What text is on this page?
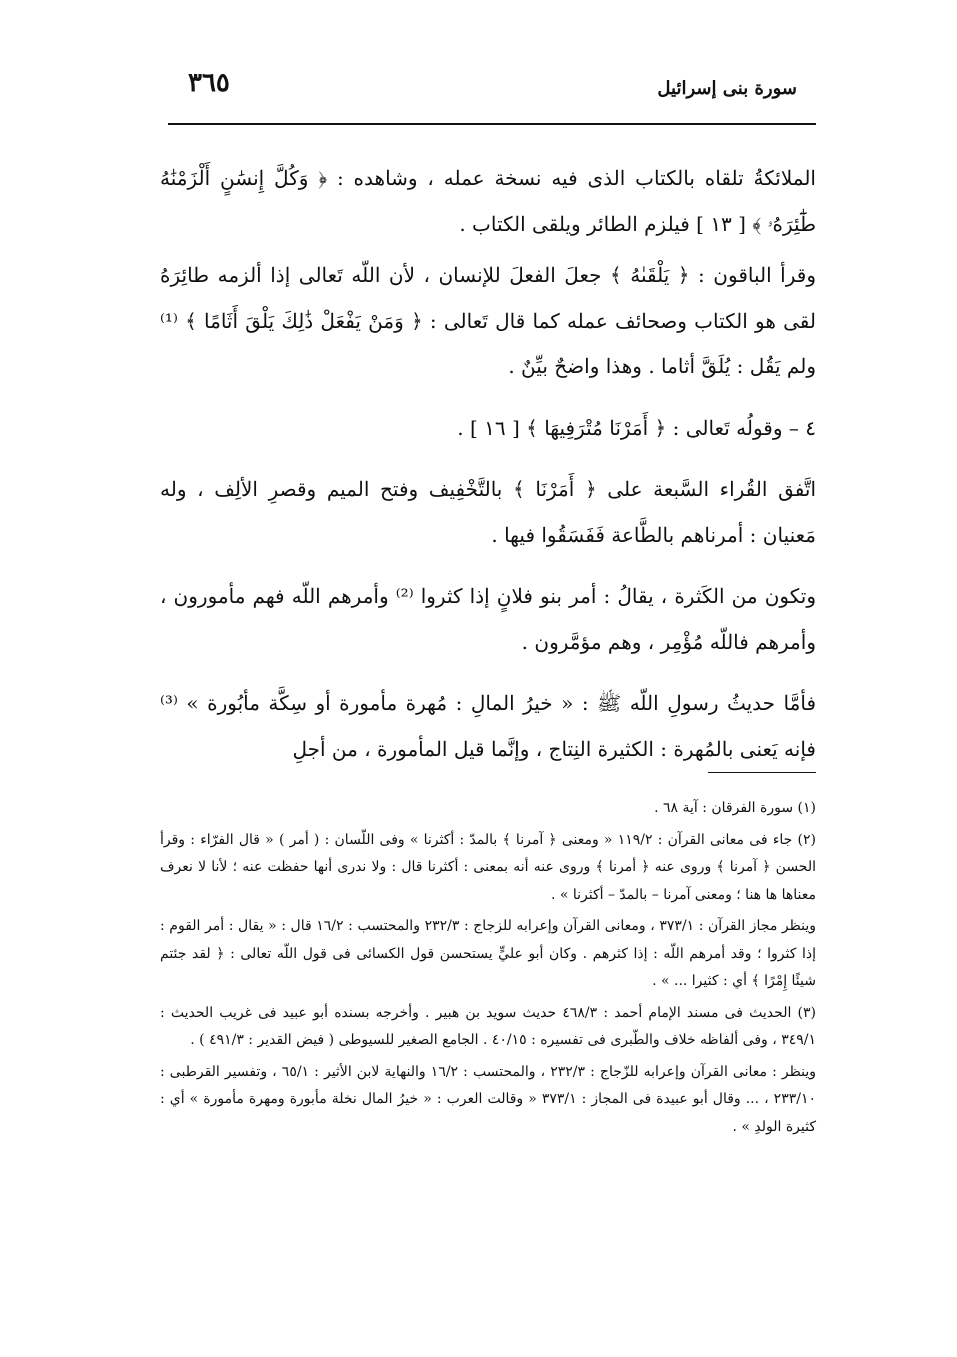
سورة بنى إسرائيل
٣٦٥

الملائكةُ تلقاه بالكتاب الذى فيه نسخة عمله ، وشاهده : ﴿ وَكُلَّ إِنسَٰنٍ أَلْزَمْنَٰهُ طَٰٓئِرَهُۥ ﴾ [ ١٣ ] فيلزم الطائر ويلقى الكتاب .

وقرأ الباقون : ﴿ يَلْقَىٰهُ ﴾ جعلَ الفعلَ للإنسان ، لأن اللّه تَعالى إذا ألزمه طائِرَهُ لقى هو الكتاب وصحائف عمله كما قال تَعالى : ﴿ وَمَنْ يَفْعَلْ ذَٰلِكَ يَلْقَ أَثَامًا ﴾ ⁽¹⁾ ولم يَقُل : يُلَقَّ أثاما . وهذا واضحٌ بيِّنٌ .

٤ – وقولُه تَعالى : ﴿ أَمَرْنَا مُتْرَفِيهَا ﴾ [ ١٦ ] .

اتَّفق القُراء السَّبعة على ﴿ أَمَرْنَا ﴾ بالتَّخْفِيف وفتح الميم وقصرِ الألِف ، وله مَعنيان : أمرناهم بالطَّاعة فَفَسَقُوا فيها .

وتكون من الكَثرة ، يقالُ : أمر بنو فلانٍ إذا كثروا ⁽²⁾ وأمرهم اللّه فهم مأمورون ، وأمرهم فاللّه مُؤْمِر ، وهم مؤمَّرون .

فأمَّا حديثُ رسولِ اللّه ﷺ : « خيرُ المالِ : مُهرة مأمورة أو سِكَّة مأبُورة » ⁽³⁾ فإنه يَعنى بالمُهرة : الكثيرة النِتاج ، وإنَّما قيل المأمورة ، من أجلِ

(١) سورة الفرقان : آية ٦٨ .

(٢) جاء فى معانى القرآن : ١١٩/٢ « ومعنى ﴿ آمرنا ﴾ بالمدّ : أكثرنا » وفى اللّسان : ( أمر ) « قال الفرّاء : وقرأ الحسن ﴿ آمرنا ﴾ وروى عنه ﴿ أمرنا ﴾ وروى عنه أنه بمعنى : أكثرنا قال : ولا ندرى أنها حفظت عنه ؛ لأنا لا نعرف معناها ها هنا ؛ ومعنى آمرنا – بالمدّ – أكثرنا » .

وينظر مجاز القرآن : ٣٧٣/١ ، ومعانى القرآن وإعرابه للزجاج : ٢٣٢/٣ والمحتسب : ١٦/٢ قال : « يقال : أمر القوم : إذا كثروا ؛ وقد أمرهم اللّه : إذا كثرهم . وكان أبو عليٍّ يستحسن قول الكسائى فى قول اللّه تعالى : ﴿ لقد جئتم شيئًا إِمْرًا ﴾ أي : كثيرا ... » .

(٣) الحديث فى مسند الإمام أحمد : ٤٦٨/٣ حديث سويد بن هبير . وأخرجه بسنده أبو عبيد فى غريب الحديث : ٣٤٩/١ ، وفى ألفاظه خلاف والطّبرى فى تفسيره : ٤٠/١٥ . الجامع الصغير للسيوطى ( فيض القدير : ٤٩١/٣ ) .

وينظر : معانى القرآن وإعرابه للزّجاج : ٢٣٢/٣ ، والمحتسب : ١٦/٢ والنهاية لابن الأثير : ٦٥/١ ، وتفسير القرطبى : ٢٣٣/١٠ ، ... وقال أبو عبيدة فى المجاز : ٣٧٣/١ « وقالت العرب : « خيرُ المال نخلة مأبورة ومهرة مأمورة » أي : كثيرة الولدِ » .
